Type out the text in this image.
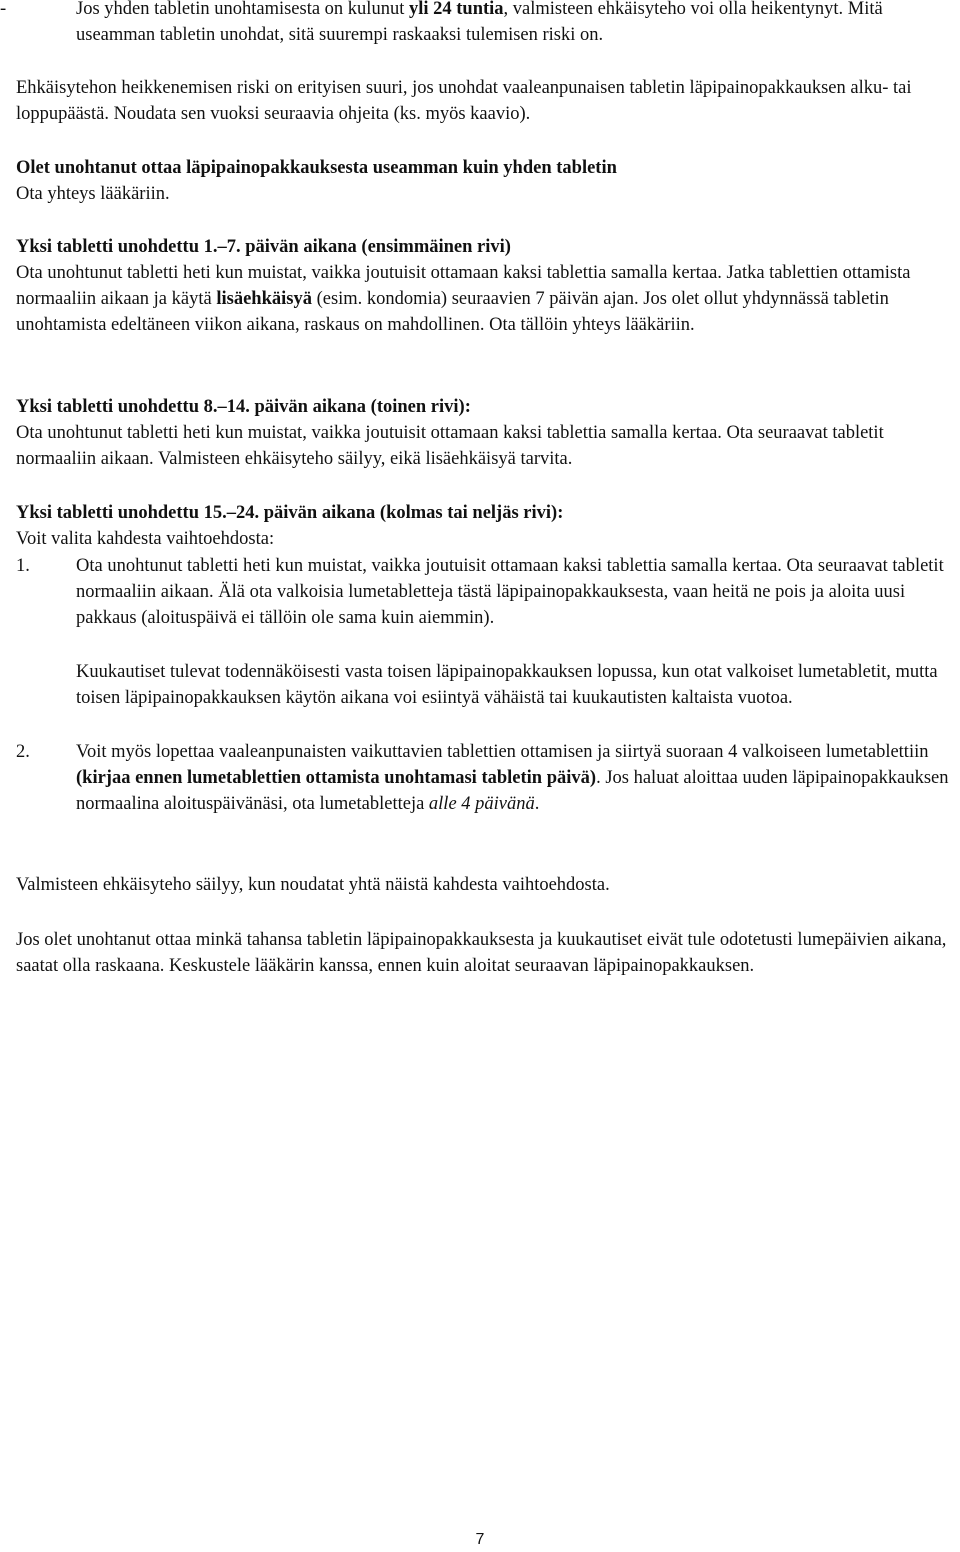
-	Jos yhden tabletin unohtamisesta on kulunut yli 24 tuntia, valmisteen ehkäisyteho voi olla heikentynyt. Mitä useamman tabletin unohdat, sitä suurempi raskaaksi tulemisen riski on.

Ehkäisytehon heikkenemisen riski on erityisen suuri, jos unohdat vaaleanpunaisen tabletin läpipainopakkauksen alku- tai loppupäästä. Noudata sen vuoksi seuraavia ohjeita (ks. myös kaavio).

Olet unohtanut ottaa läpipainopakkauksesta useamman kuin yhden tabletin
Ota yhteys lääkäriin.
Yksi tabletti unohdettu 1.–7. päivän aikana (ensimmäinen rivi)
Ota unohtunut tabletti heti kun muistat, vaikka joutuisit ottamaan kaksi tablettia samalla kertaa. Jatka tablettien ottamista normaaliin aikaan ja käytä lisäehkäisyä (esim. kondomia) seuraavien 7 päivän ajan. Jos olet ollut yhdynnässä tabletin unohtamista edeltäneen viikon aikana, raskaus on mahdollinen. Ota tällöin yhteys lääkäriin.
Yksi tabletti unohdettu 8.–14. päivän aikana (toinen rivi):
Ota unohtunut tabletti heti kun muistat, vaikka joutuisit ottamaan kaksi tablettia samalla kertaa. Ota seuraavat tabletit normaaliin aikaan. Valmisteen ehkäisyteho säilyy, eikä lisäehkäisyä tarvita.
Yksi tabletti unohdettu 15.–24. päivän aikana (kolmas tai neljäs rivi):
Voit valita kahdesta vaihtoehdosta:
1. Ota unohtunut tabletti heti kun muistat, vaikka joutuisit ottamaan kaksi tablettia samalla kertaa. Ota seuraavat tabletit normaaliin aikaan. Älä ota valkoisia lumetabletteja tästä läpipainopakkauksesta, vaan heitä ne pois ja aloita uusi pakkaus (aloituspäivä ei tällöin ole sama kuin aiemmin).

Kuukautiset tulevat todennäköisesti vasta toisen läpipainopakkauksen lopussa, kun otat valkoiset lumetabletit, mutta toisen läpipainopakkauksen käytön aikana voi esiintyä vähäistä tai kuukautisten kaltaista vuotoa.

2. Voit myös lopettaa vaaleanpunaisten vaikuttavien tablettien ottamisen ja siirtyä suoraan 4 valkoiseen lumetablettiin (kirjaa ennen lumetablettien ottamista unohtamasi tabletin päivä). Jos haluat aloittaa uuden läpipainopakkauksen normaalina aloituspäivänäsi, ota lumetabletteja alle 4 päivänä.

Valmisteen ehkäisyteho säilyy, kun noudatat yhtä näistä kahdesta vaihtoehdosta.

Jos olet unohtanut ottaa minkä tahansa tabletin läpipainopakkauksesta ja kuukautiset eivät tule odotetusti lumepäivien aikana, saatat olla raskaana. Keskustele lääkärin kanssa, ennen kuin aloitat seuraavan läpipainopakkauksen.

7
